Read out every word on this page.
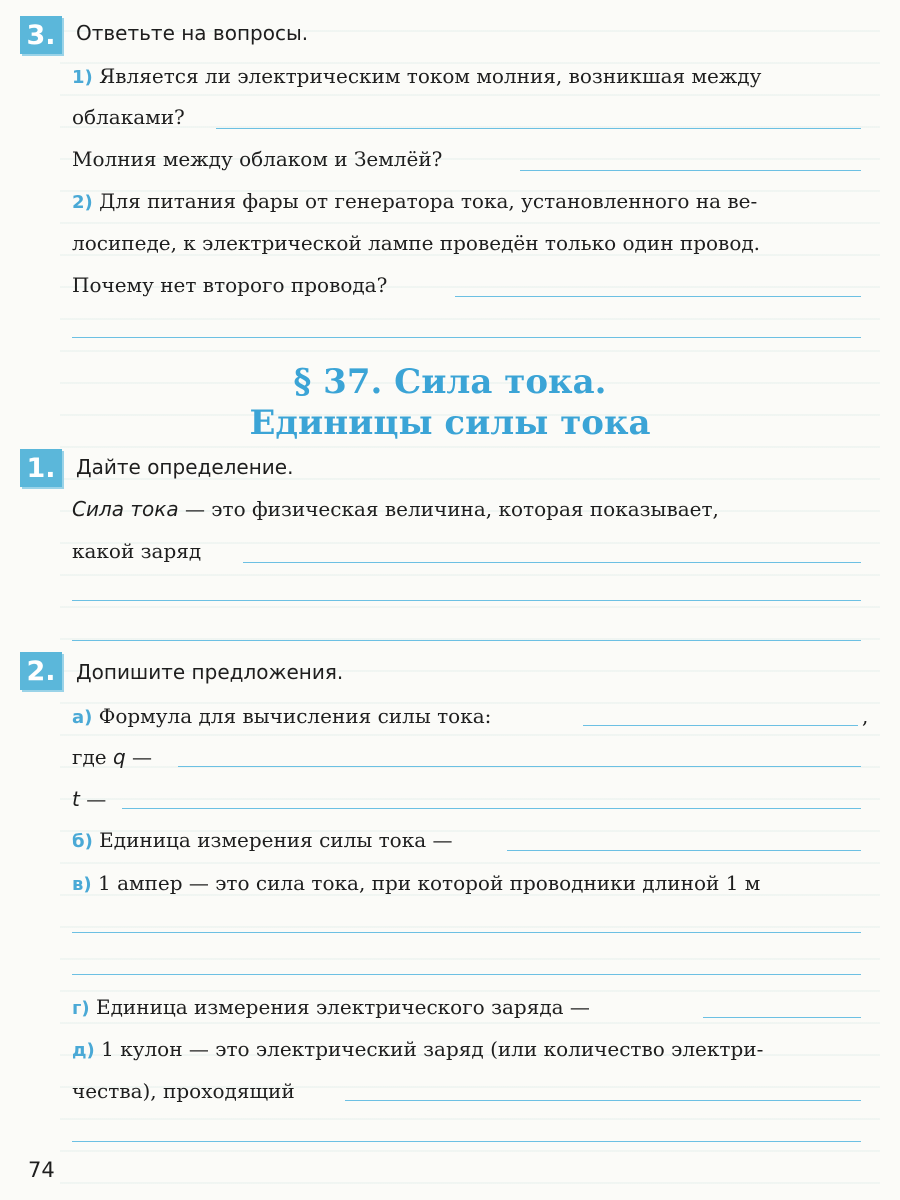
3.	Ответьте на вопросы.
1) Является ли электрическим током молния, возникшая между
облаками?
Молния между облаком и Землёй?
2) Для питания фары от генератора тока, установленного на ве-
лосипеде, к электрической лампе проведён только один провод.
Почему нет второго провода?
§ 37. Сила тока.
Единицы силы тока
1.	Дайте определение.
Сила тока — это физическая величина, которая показывает,
какой заряд
2.	Допишите предложения.
а) Формула для вычисления силы тока:	,
где q —
t —
б) Единица измерения силы тока —
в) 1 ампер — это сила тока, при которой проводники длиной 1 м
г) Единица измерения электрического заряда —
д) 1 кулон — это электрический заряд (или количество электри-
чества), проходящий
74
